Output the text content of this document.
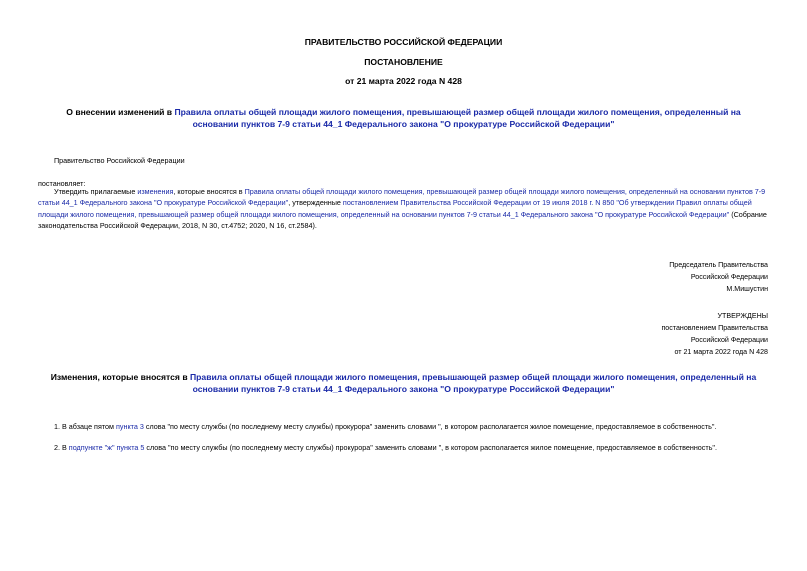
ПРАВИТЕЛЬСТВО РОССИЙСКОЙ ФЕДЕРАЦИИ
ПОСТАНОВЛЕНИЕ
от 21 марта 2022 года N 428
О внесении изменений в Правила оплаты общей площади жилого помещения, превышающей размер общей площади жилого помещения, определенный на
основании пунктов 7-9 статьи 44_1 Федерального закона "О прокуратуре Российской Федерации"
Правительство Российской Федерации
постановляет:
Утвердить прилагаемые изменения, которые вносятся в Правила оплаты общей площади жилого помещения, превышающей размер общей площади жилого помещения, определенный на основании пунктов 7-9
статьи 44_1 Федерального закона "О прокуратуре Российской Федерации", утвержденные постановлением Правительства Российской Федерации от 19 июля 2018 г. N 850 "Об утверждении Правил оплаты общей
площади жилого помещения, превышающей размер общей площади жилого помещения, определенный на основании пунктов 7-9 статьи 44_1 Федерального закона "О прокуратуре Российской Федерации" (Собрание
законодательства Российской Федерации, 2018, N 30, ст.4752; 2020, N 16, ст.2584).
Председатель Правительства
Российской Федерации
М.Мишустин
УТВЕРЖДЕНЫ
постановлением Правительства
Российской Федерации
от 21 марта 2022 года N 428
Изменения, которые вносятся в Правила оплаты общей площади жилого помещения, превышающей размер общей площади жилого помещения, определенный на
основании пунктов 7-9 статьи 44_1 Федерального закона "О прокуратуре Российской Федерации"
1. В абзаце пятом пункта 3 слова "по месту службы (по последнему месту службы) прокурора" заменить словами ", в котором располагается жилое помещение, предоставляемое в собственность".
2. В подпункте "ж" пункта 5 слова "по месту службы (по последнему месту службы) прокурора" заменить словами ", в котором располагается жилое помещение, предоставляемое в собственность".
